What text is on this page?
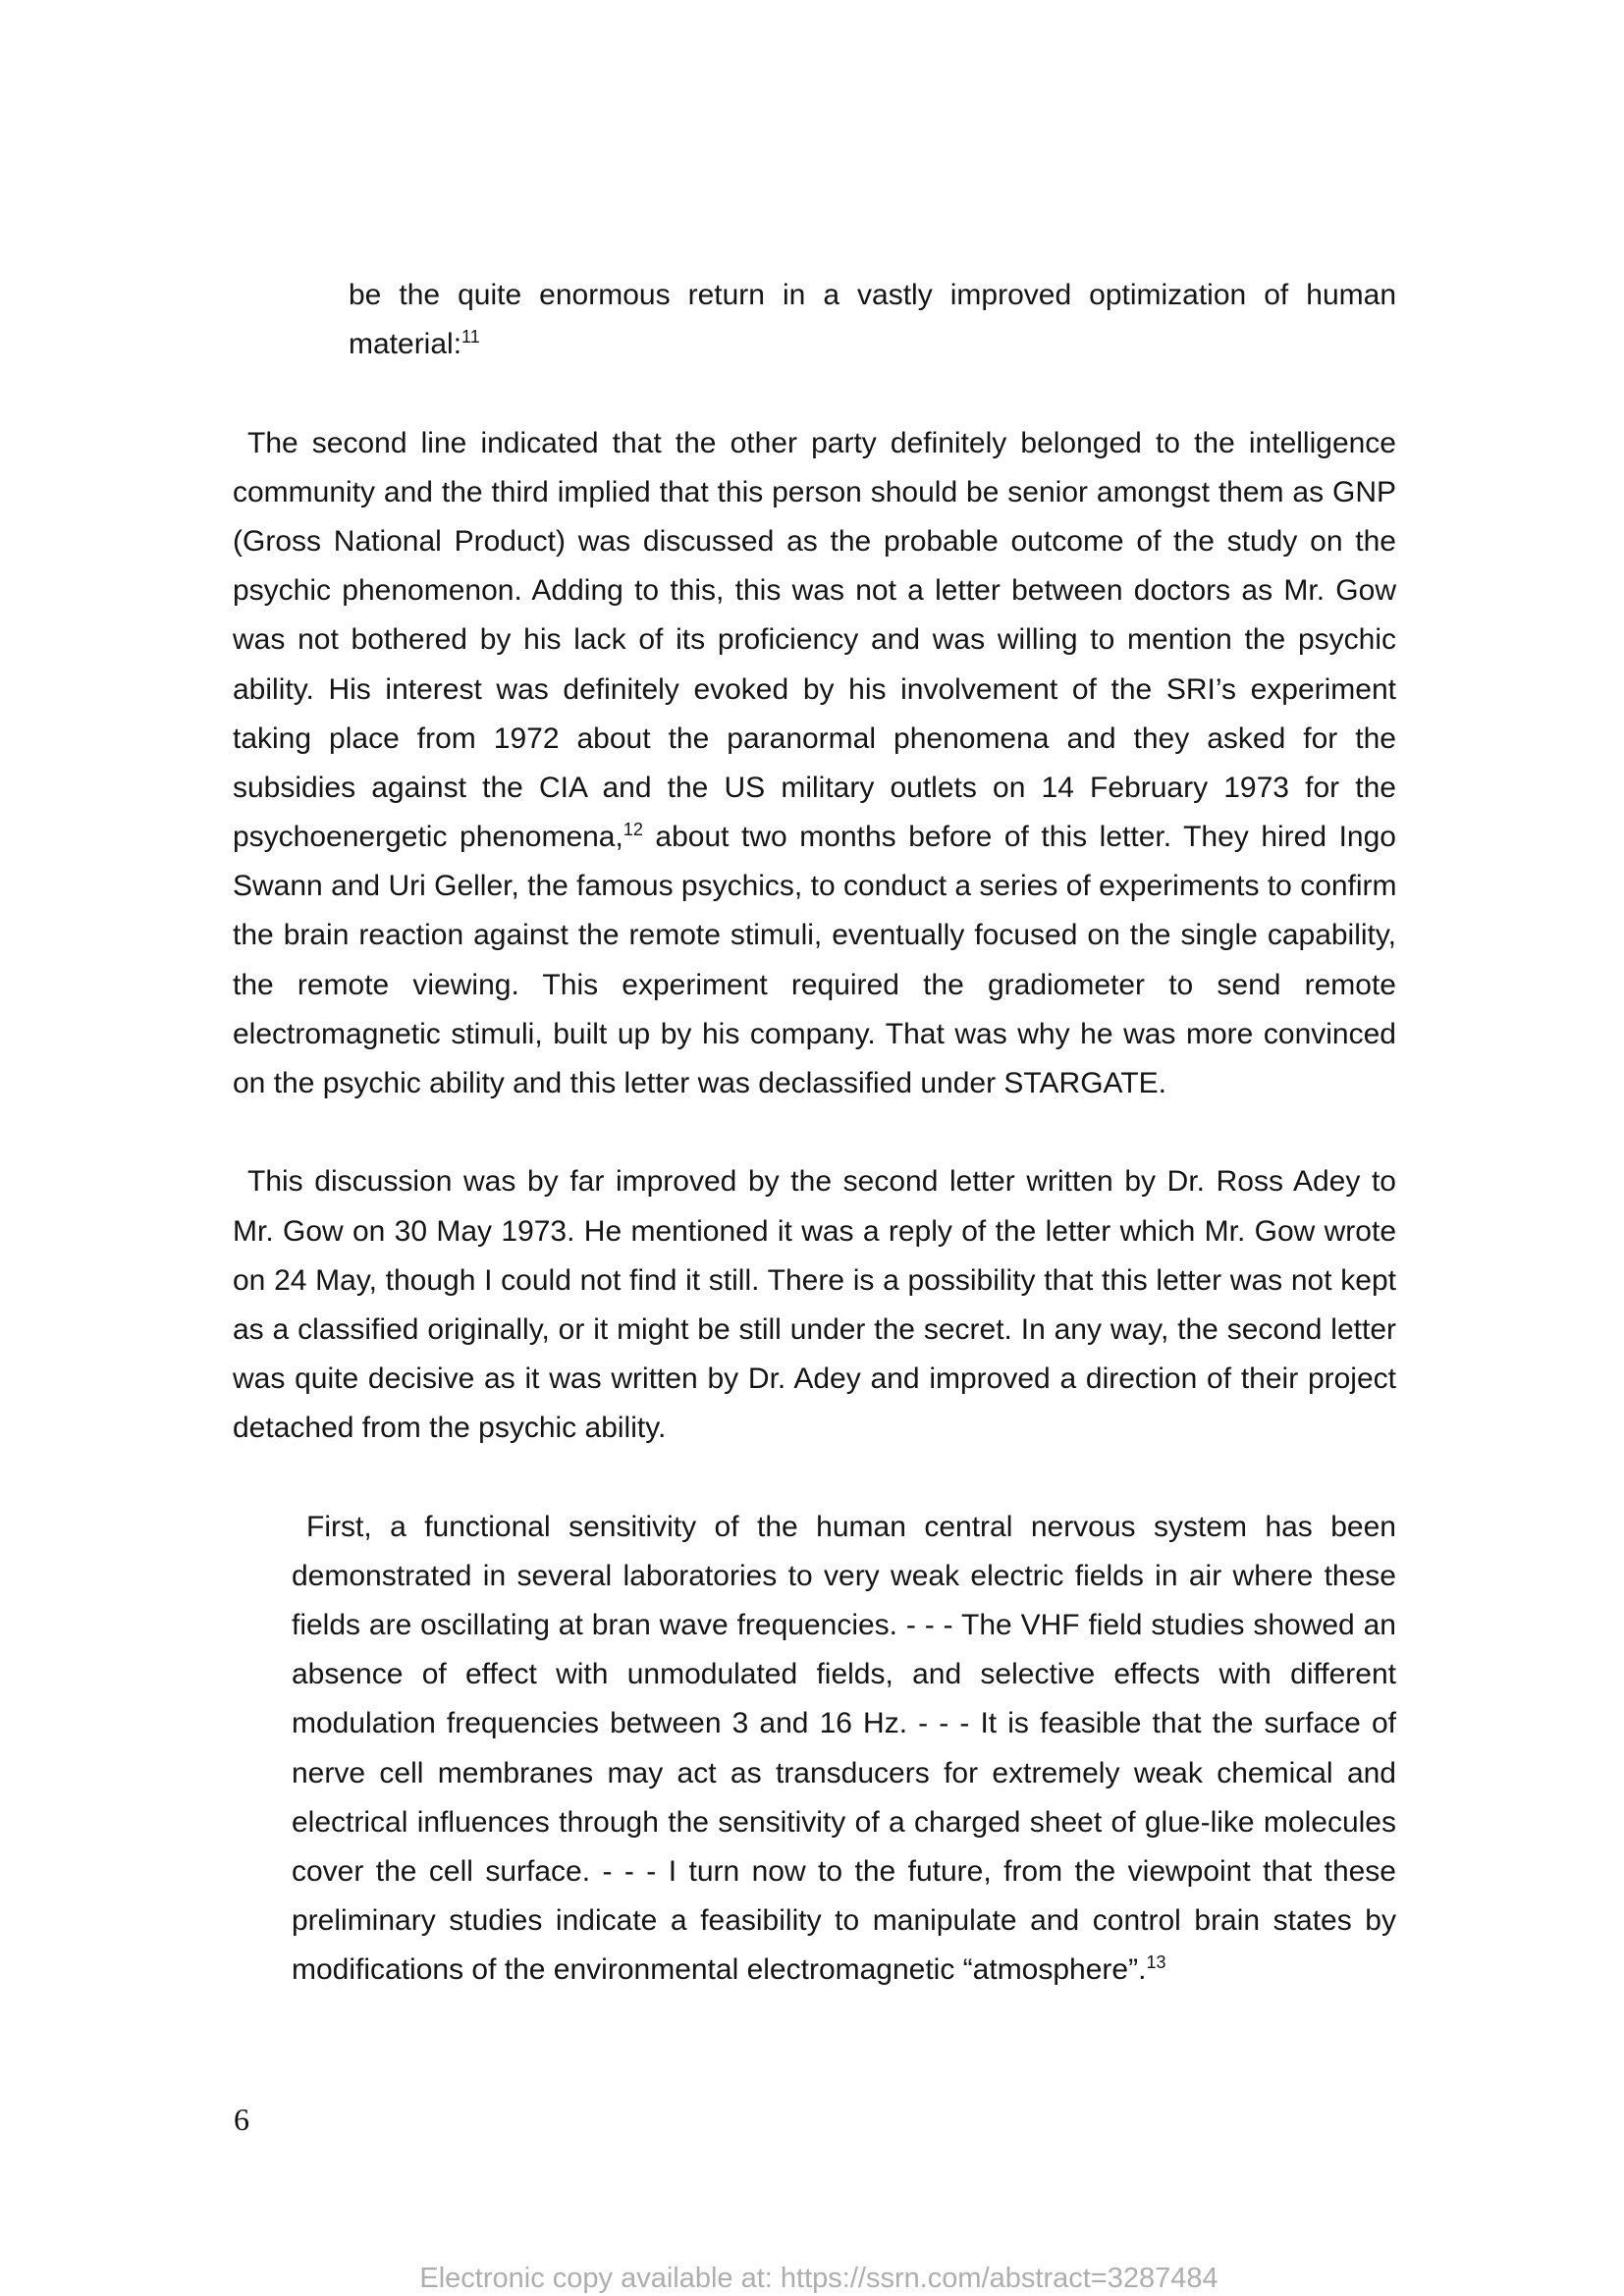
be the quite enormous return in a vastly improved optimization of human
material:$^{11}$
The second line indicated that the other party definitely belonged to the intelligence
community and the third implied that this person should be senior amongst them as GNP
(Gross National Product) was discussed as the probable outcome of the study on the
psychic phenomenon. Adding to this, this was not a letter between doctors as Mr. Gow
was not bothered by his lack of its proficiency and was willing to mention the psychic
ability. His interest was definitely evoked by his involvement of the SRI’s experiment
taking place from 1972 about the paranormal phenomena and they asked for the
subsidies against the CIA and the US military outlets on 14 February 1973 for the
psychoenergetic phenomena,$^{12}$ about two months before of this letter. They hired Ingo
Swann and Uri Geller, the famous psychics, to conduct a series of experiments to confirm
the brain reaction against the remote stimuli, eventually focused on the single capability,
the remote viewing. This experiment required the gradiometer to send remote
electromagnetic stimuli, built up by his company. That was why he was more convinced
on the psychic ability and this letter was declassified under STARGATE.
This discussion was by far improved by the second letter written by Dr. Ross Adey to
Mr. Gow on 30 May 1973. He mentioned it was a reply of the letter which Mr. Gow wrote
on 24 May, though I could not find it still. There is a possibility that this letter was not kept
as a classified originally, or it might be still under the secret. In any way, the second letter
was quite decisive as it was written by Dr. Adey and improved a direction of their project
detached from the psychic ability.
First, a functional sensitivity of the human central nervous system has been
demonstrated in several laboratories to very weak electric fields in air where these
fields are oscillating at bran wave frequencies. - - - The VHF field studies showed an
absence of effect with unmodulated fields, and selective effects with different
modulation frequencies between 3 and 16 Hz. - - - It is feasible that the surface of
nerve cell membranes may act as transducers for extremely weak chemical and
electrical influences through the sensitivity of a charged sheet of glue-like molecules
cover the cell surface. - - - I turn now to the future, from the viewpoint that these
preliminary studies indicate a feasibility to manipulate and control brain states by
modifications of the environmental electromagnetic “atmosphere”.$^{13}$
6
Electronic copy available at: https://ssrn.com/abstract=3287484
